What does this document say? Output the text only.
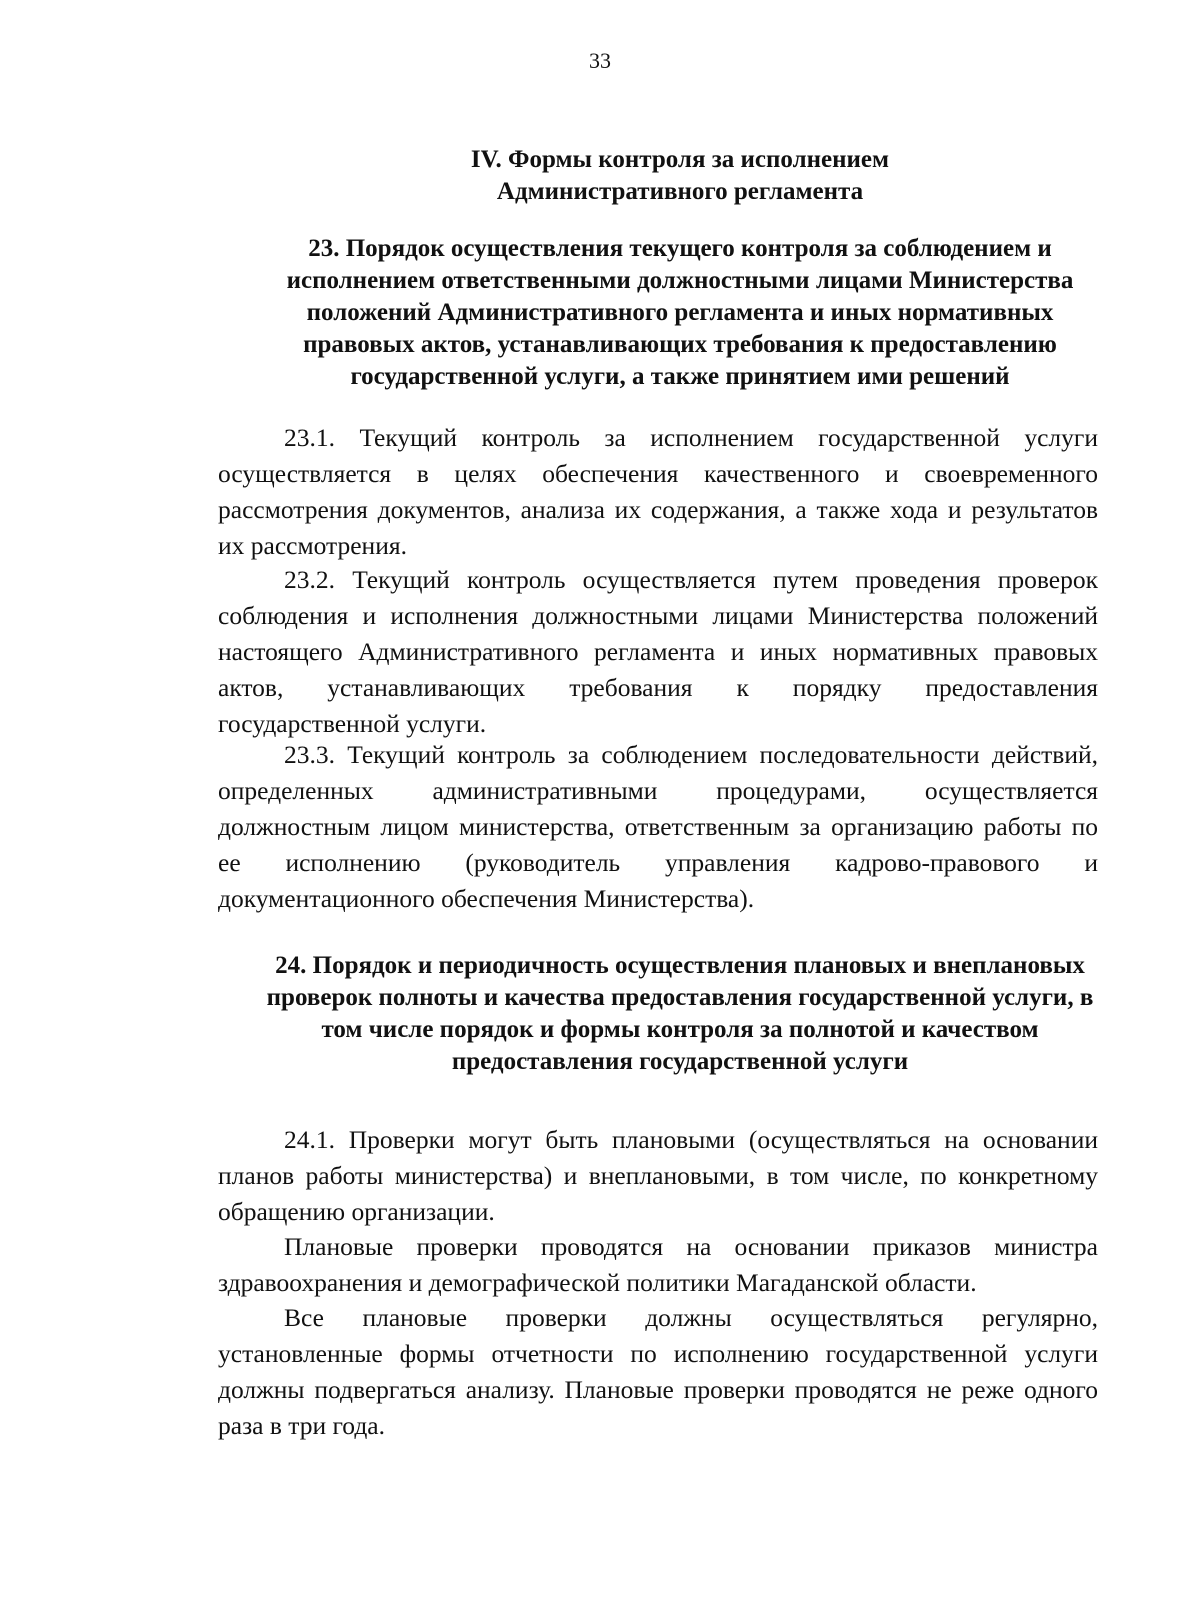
33
IV. Формы контроля за исполнением
Административного регламента
23. Порядок осуществления текущего контроля за соблюдением и
исполнением ответственными должностными лицами Министерства
положений Административного регламента и иных нормативных
правовых актов, устанавливающих требования к предоставлению
государственной услуги, а также принятием ими решений
23.1. Текущий контроль за исполнением государственной услуги
осуществляется в целях обеспечения качественного и своевременного
рассмотрения документов, анализа их содержания, а также хода и результатов
их рассмотрения.
23.2. Текущий контроль осуществляется путем проведения проверок
соблюдения и исполнения должностными лицами Министерства положений
настоящего Административного регламента и иных нормативных правовых
актов, устанавливающих требования к порядку предоставления
государственной услуги.
23.3. Текущий контроль за соблюдением последовательности действий,
определенных административными процедурами, осуществляется
должностным лицом министерства, ответственным за организацию работы по
ее исполнению (руководитель управления кадрово-правового и
документационного обеспечения Министерства).
24. Порядок и периодичность осуществления плановых и внеплановых
проверок полноты и качества предоставления государственной услуги, в
том числе порядок и формы контроля за полнотой и качеством
предоставления государственной услуги
24.1. Проверки могут быть плановыми (осуществляться на основании
планов работы министерства) и внеплановыми, в том числе, по конкретному
обращению организации.
Плановые проверки проводятся на основании приказов министра
здравоохранения и демографической политики Магаданской области.
Все плановые проверки должны осуществляться регулярно,
установленные формы отчетности по исполнению государственной услуги
должны подвергаться анализу. Плановые проверки проводятся не реже одного
раза в три года.
